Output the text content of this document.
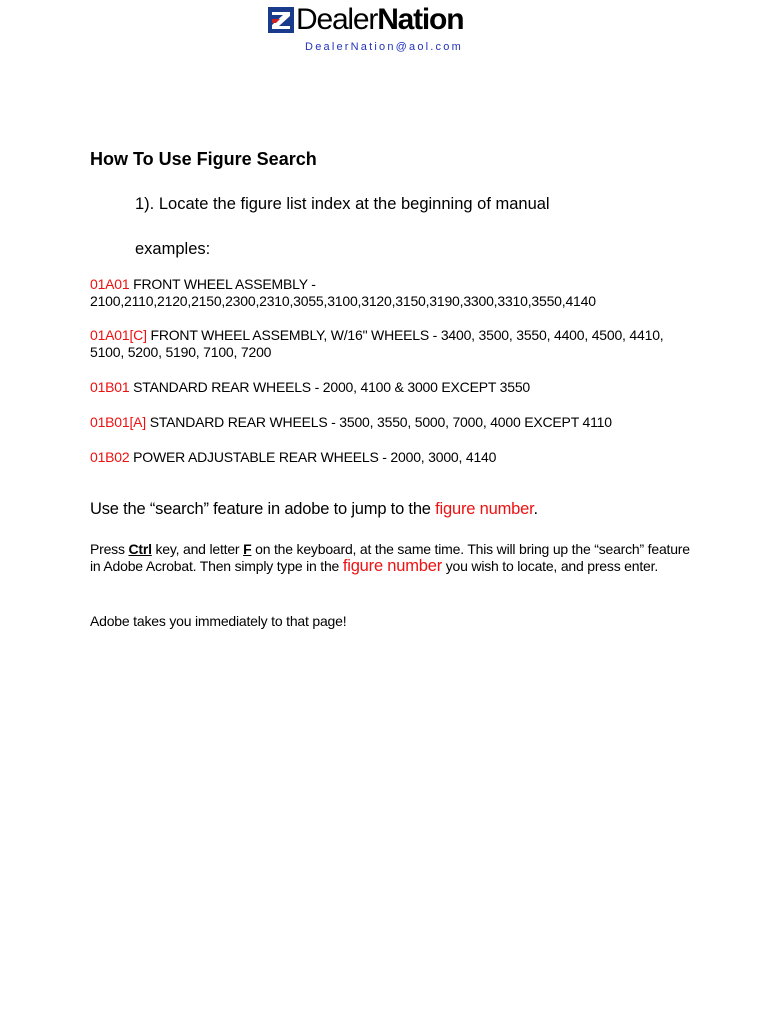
DealerNation
DealerNation@aol.com
How To Use Figure Search

1). Locate the figure list index at the beginning of manual

examples:

01A01 FRONT WHEEL ASSEMBLY - 2100,2110,2120,2150,2300,2310,3055,3100,3120,3150,3190,3300,3310,3550,4140

01A01[C] FRONT WHEEL ASSEMBLY, W/16" WHEELS - 3400, 3500, 3550, 4400, 4500, 4410, 5100, 5200, 5190, 7100, 7200

01B01 STANDARD REAR WHEELS - 2000, 4100 & 3000 EXCEPT 3550

01B01[A] STANDARD REAR WHEELS - 3500, 3550, 5000, 7000, 4000 EXCEPT 4110

01B02 POWER ADJUSTABLE REAR WHEELS - 2000, 3000, 4140

Use the “search” feature in adobe to jump to the figure number.

Press Ctrl key, and letter F on the keyboard, at the same time. This will bring up the “search” feature in Adobe Acrobat. Then simply type in the figure number you wish to locate, and press enter.

Adobe takes you immediately to that page!
